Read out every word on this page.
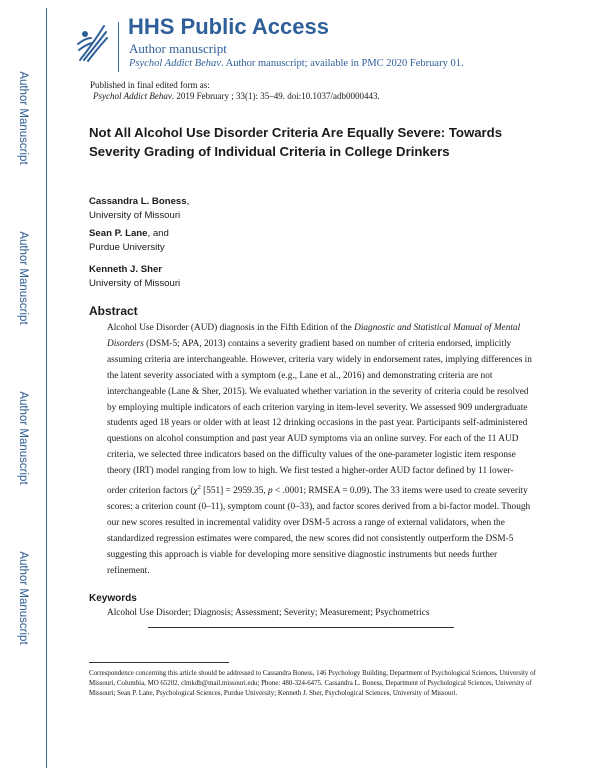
Author Manuscript
Author Manuscript
Author Manuscript
Author Manuscript
HHS Public Access
Author manuscript
Psychol Addict Behav. Author manuscript; available in PMC 2020 February 01.
Published in final edited form as:
Psychol Addict Behav. 2019 February ; 33(1): 35–49. doi:10.1037/adb0000443.
Not All Alcohol Use Disorder Criteria Are Equally Severe: Towards Severity Grading of Individual Criteria in College Drinkers
Cassandra L. Boness,
University of Missouri
Sean P. Lane, and
Purdue University
Kenneth J. Sher
University of Missouri
Abstract
Alcohol Use Disorder (AUD) diagnosis in the Fifth Edition of the Diagnostic and Statistical Manual of Mental Disorders (DSM-5; APA, 2013) contains a severity gradient based on number of criteria endorsed, implicitly assuming criteria are interchangeable. However, criteria vary widely in endorsement rates, implying differences in the latent severity associated with a symptom (e.g., Lane et al., 2016) and demonstrating criteria are not interchangeable (Lane & Sher, 2015). We evaluated whether variation in the severity of criteria could be resolved by employing multiple indicators of each criterion varying in item-level severity. We assessed 909 undergraduate students aged 18 years or older with at least 12 drinking occasions in the past year. Participants self-administered questions on alcohol consumption and past year AUD symptoms via an online survey. For each of the 11 AUD criteria, we selected three indicators based on the difficulty values of the one-parameter logistic item response theory (IRT) model ranging from low to high. We first tested a higher-order AUD factor defined by 11 lower-order criterion factors ($\chi^2$ [551] = 2959.35, p < .0001; RMSEA = 0.09). The 33 items were used to create severity scores: a criterion count (0–11), symptom count (0–33), and factor scores derived from a bi-factor model. Though our new scores resulted in incremental validity over DSM-5 across a range of external validators, when the standardized regression estimates were compared, the new scores did not consistently outperform the DSM-5 suggesting this approach is viable for developing more sensitive diagnostic instruments but needs further refinement.
Keywords
Alcohol Use Disorder; Diagnosis; Assessment; Severity; Measurement; Psychometrics
Correspondence concerning this article should be addressed to Cassandra Boness, 146 Psychology Building, Department of Psychological Sciences, University of Missouri, Columbia, MO 65202. clmkdb@mail.missouri.edu; Phone: 480-324-6475. Cassandra L. Boness, Department of Psychological Sciences, University of Missouri; Sean P. Lane, Psychological Sciences, Purdue University; Kenneth J. Sher, Psychological Sciences, University of Missouri.
